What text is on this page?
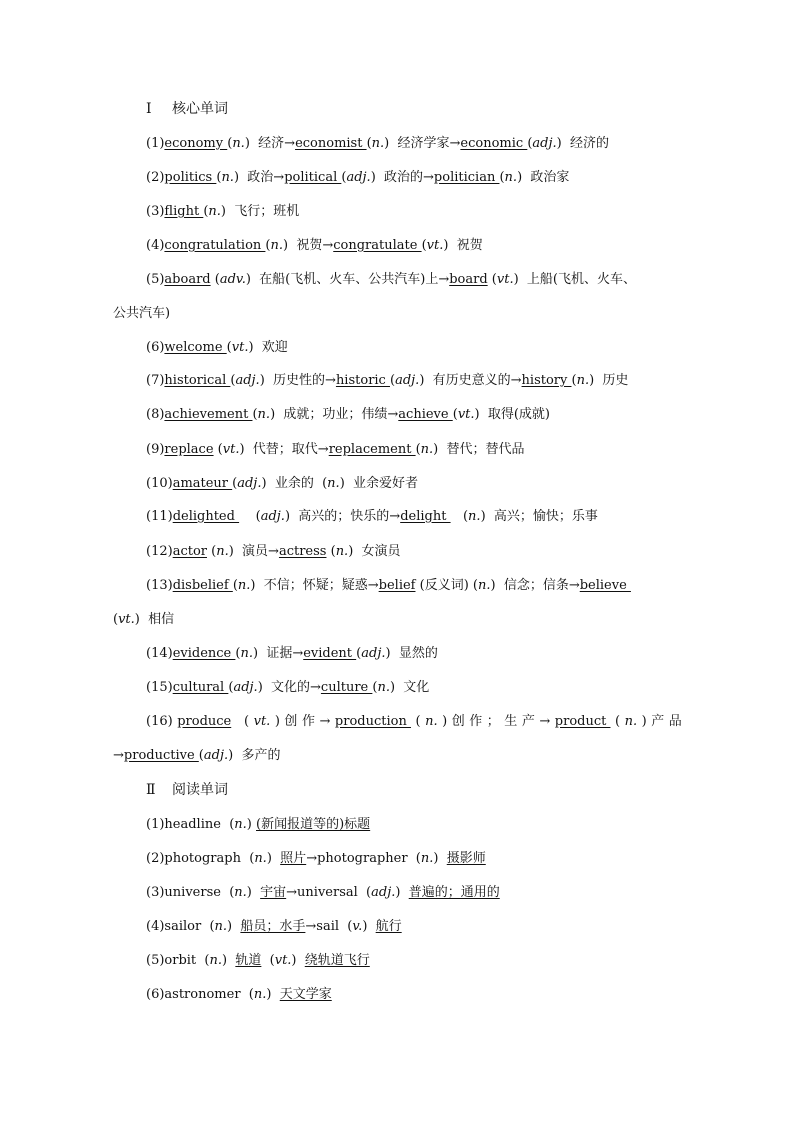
Ⅰ 核心单词
(1)economy (n.)  经济→economist (n.)  经济学家→economic (adj.)  经济的
(2)politics (n.)  政治→political (adj.)  政治的→politician (n.)  政治家
(3)flight (n.)  飞行；班机
(4)congratulation (n.)  祝贺→congratulate (vt.)  祝贺
(5)aboard (adv.)  在船(飞机、火车、公共汽车)上→board (vt.)  上船(飞机、火车、
公共汽车)
(6)welcome (vt.)  欢迎
(7)historical (adj.)  历史性的→historic (adj.)  有历史意义的→history (n.)  历史
(8)achievement (n.)  成就；功业；伟绩→achieve (vt.)  取得(成就)
(9)replace (vt.)  代替；取代→replacement (n.)  替代；替代品
(10)amateur (adj.)  业余的  (n.)  业余爱好者
(11)delighted     (adj.)  高兴的；快乐的→delight    (n.)  高兴；愉快；乐事
(12)actor (n.)  演员→actress (n.)  女演员
(13)disbelief (n.)  不信；怀疑；疑惑→belief (反义词) (n.)  信念；信条→believe
(vt.)  相信
(14)evidence (n.)  证据→evident (adj.)  显然的
(15)cultural (adj.)  文化的→culture (n.)  文化
(16) produce ( vt. ) 创 作 → production ( n. ) 创 作 ； 生 产 → product ( n. ) 产 品
→productive (adj.)  多产的
Ⅱ 阅读单词
(1)headline  (n.) (新闻报道等的)标题
(2)photograph  (n.)  照片→photographer  (n.)  摄影师
(3)universe  (n.)  宇宙→universal  (adj.)  普遍的；通用的
(4)sailor  (n.)  船员；水手→sail  (v.)  航行
(5)orbit  (n.)  轨道  (vt.)  绕轨道飞行
(6)astronomer  (n.)  天文学家
